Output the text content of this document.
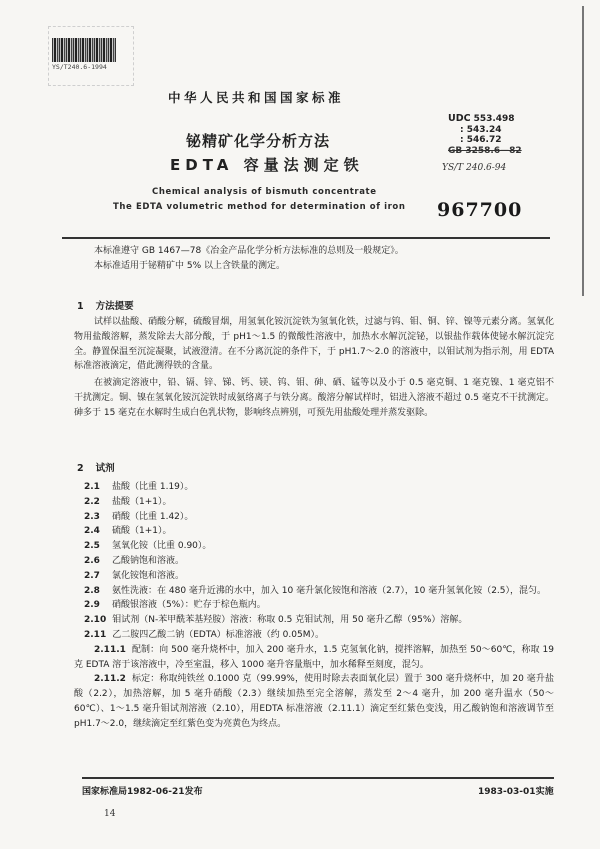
YS/T240.6-1994
中华人民共和国国家标准
铋精矿化学分析方法
EDTA 容量法测定铁
Chemical analysis of bismuth concentrate
The EDTA volumetric method for determination of iron
UDC 553.498
: 543.24
: 546.72
GB 3258.6—82
YS/T 240.6-94
967700
本标准遵守 GB 1467—78《冶金产品化学分析方法标准的总则及一般规定》。
本标准适用于铋精矿中 5% 以上含铁量的测定。
1 方法提要
试样以盐酸、硝酸分解，硫酸冒烟，用氢氧化铵沉淀铁为氢氧化铁，过滤与钨、钼、铜、锌、镍等元素分离。氢氧化物用盐酸溶解，蒸发除去大部分酸，于 pH1～1.5 的微酸性溶液中，加热水水解沉淀铋，以银盐作载体使铋水解沉淀完全。静置保温至沉淀凝聚，试液澄清。在不分离沉淀的条件下，于 pH1.7～2.0 的溶液中，以钼试剂为指示剂，用 EDTA 标准溶液滴定，借此测得铁的含量。
在被滴定溶液中，铅、镉、锌、锑、钙、镁、钨、钼、砷、硒、锰等以及小于 0.5 毫克铜、1 毫克镍、1 毫克铝不干扰测定。铜、镍在氢氧化铵沉淀铁时成氨络离子与铁分离。酸溶分解试样时，铝进入溶液不超过 0.5 毫克不干扰测定。砷多于 15 毫克在水解时生成白色乳状物，影响终点辨别，可预先用盐酸处理并蒸发驱除。
2 试剂
2.1 盐酸（比重 1.19）。
2.2 盐酸（1+1）。
2.3 硝酸（比重 1.42）。
2.4 硫酸（1+1）。
2.5 氢氧化铵（比重 0.90）。
2.6 乙酸钠饱和溶液。
2.7 氯化铵饱和溶液。
2.8 氨性洗液：在 480 毫升近沸的水中，加入 10 毫升氯化铵饱和溶液（2.7），10 毫升氢氧化铵（2.5），混匀。
2.9 硝酸银溶液（5%）：贮存于棕色瓶内。
2.10 钼试剂（N-苯甲酰苯基羟胺）溶液：称取 0.5 克钼试剂，用 50 毫升乙醇（95%）溶解。
2.11 乙二胺四乙酸二钠（EDTA）标准溶液（约 0.05M）。
2.11.1 配制：向 500 毫升烧杯中，加入 200 毫升水，1.5 克氢氧化钠，搅拌溶解，加热至 50～60℃，称取 19 克 EDTA 溶于该溶液中，冷至室温，移入 1000 毫升容量瓶中，加水稀释至刻度，混匀。
2.11.2 标定：称取纯铁丝 0.1000 克（99.99%，使用时除去表面氧化层）置于 300 毫升烧杯中，加 20 毫升盐酸（2.2），加热溶解，加 5 毫升硝酸（2.3）继续加热至完全溶解，蒸发至 2～4 毫升，加 200 毫升温水（50～60℃）、1～1.5 毫升钼试剂溶液（2.10），用EDTA 标准溶液（2.11.1）滴定至红紫色变浅，用乙酸钠饱和溶液调节至 pH1.7～2.0，继续滴定至红紫色变为亮黄色为终点。
国家标准局1982-06-21发布	1983-03-01实施
14
